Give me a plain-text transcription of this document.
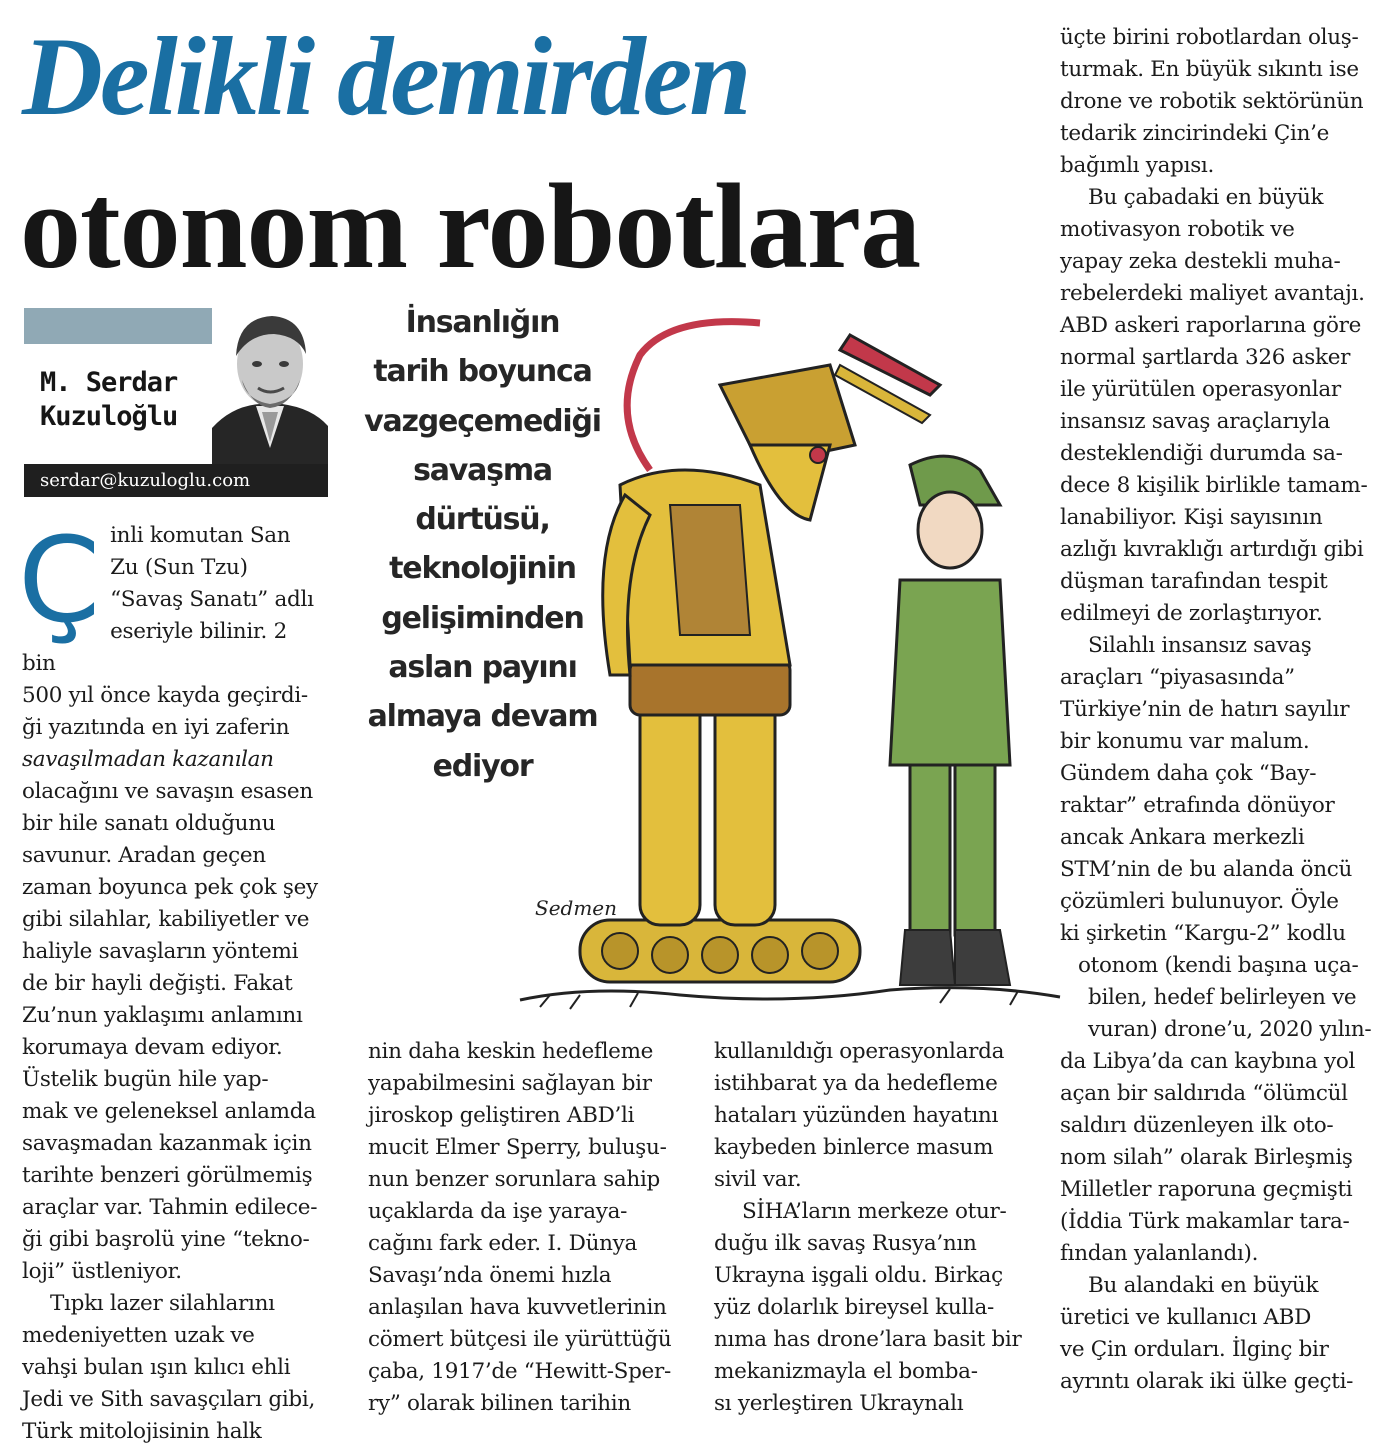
Delikli demirden
otonom robotlara
M. Serdar
Kuzuloğlu
serdar@kuzuloglu.com
Sedmen
İnsanlığın
tarih boyunca
vazgeçemediği
savaşma
dürtüsü,
teknolojinin
gelişiminden
aslan payını
almaya devam
ediyor
Ç inli komutan San
Zu (Sun Tzu)
“Savaş Sanatı” adlı
eseriyle bilinir. 2 bin
500 yıl önce kayda geçirdi-
ği yazıtında en iyi zaferin
savaşılmadan kazanılan
olacağını ve savaşın esasen
bir hile sanatı olduğunu
savunur. Aradan geçen
zaman boyunca pek çok şey
gibi silahlar, kabiliyetler ve
haliyle savaşların yöntemi
de bir hayli değişti. Fakat
Zu’nun yaklaşımı anlamını
korumaya devam ediyor.
Üstelik bugün hile yap-
mak ve geleneksel anlamda
savaşmadan kazanmak için
tarihte benzeri görülmemiş
araçlar var. Tahmin edilece-
ği gibi başrolü yine “tekno-
loji” üstleniyor.
Tıpkı lazer silahlarını
medeniyetten uzak ve
vahşi bulan ışın kılıcı ehli
Jedi ve Sith savaşçıları gibi,
Türk mitolojisinin halk
nin daha keskin hedefleme
yapabilmesini sağlayan bir
jiroskop geliştiren ABD’li
mucit Elmer Sperry, buluşu-
nun benzer sorunlara sahip
uçaklarda da işe yaraya-
cağını fark eder. I. Dünya
Savaşı’nda önemi hızla
anlaşılan hava kuvvetlerinin
cömert bütçesi ile yürüttüğü
çaba, 1917’de “Hewitt-Sper-
ry” olarak bilinen tarihin
kullanıldığı operasyonlarda
istihbarat ya da hedefleme
hataları yüzünden hayatını
kaybeden binlerce masum
sivil var.
SİHA’ların merkeze otur-
duğu ilk savaş Rusya’nın
Ukrayna işgali oldu. Birkaç
yüz dolarlık bireysel kulla-
nıma has drone’lara basit bir
mekanizmayla el bomba-
sı yerleştiren Ukraynalı
üçte birini robotlardan oluş-
turmak. En büyük sıkıntı ise
drone ve robotik sektörünün
tedarik zincirindeki Çin’e
bağımlı yapısı.
Bu çabadaki en büyük
motivasyon robotik ve
yapay zeka destekli muha-
rebelerdeki maliyet avantajı.
ABD askeri raporlarına göre
normal şartlarda 326 asker
ile yürütülen operasyonlar
insansız savaş araçlarıyla
desteklendiği durumda sa-
dece 8 kişilik birlikle tamam-
lanabiliyor. Kişi sayısının
azlığı kıvraklığı artırdığı gibi
düşman tarafından tespit
edilmeyi de zorlaştırıyor.
Silahlı insansız savaş
araçları “piyasasında”
Türkiye’nin de hatırı sayılır
bir konumu var malum.
Gündem daha çok “Bay-
raktar” etrafında dönüyor
ancak Ankara merkezli
STM’nin de bu alanda öncü
çözümleri bulunuyor. Öyle
ki şirketin “Kargu-2” kodlu
otonom (kendi başına uça-
bilen, hedef belirleyen ve
vuran) drone’u, 2020 yılın-
da Libya’da can kaybına yol
açan bir saldırıda “ölümcül
saldırı düzenleyen ilk oto-
nom silah” olarak Birleşmiş
Milletler raporuna geçmişti
(İddia Türk makamlar tara-
fından yalanlandı).
Bu alandaki en büyük
üretici ve kullanıcı ABD
ve Çin orduları. İlginç bir
ayrıntı olarak iki ülke geçti-
